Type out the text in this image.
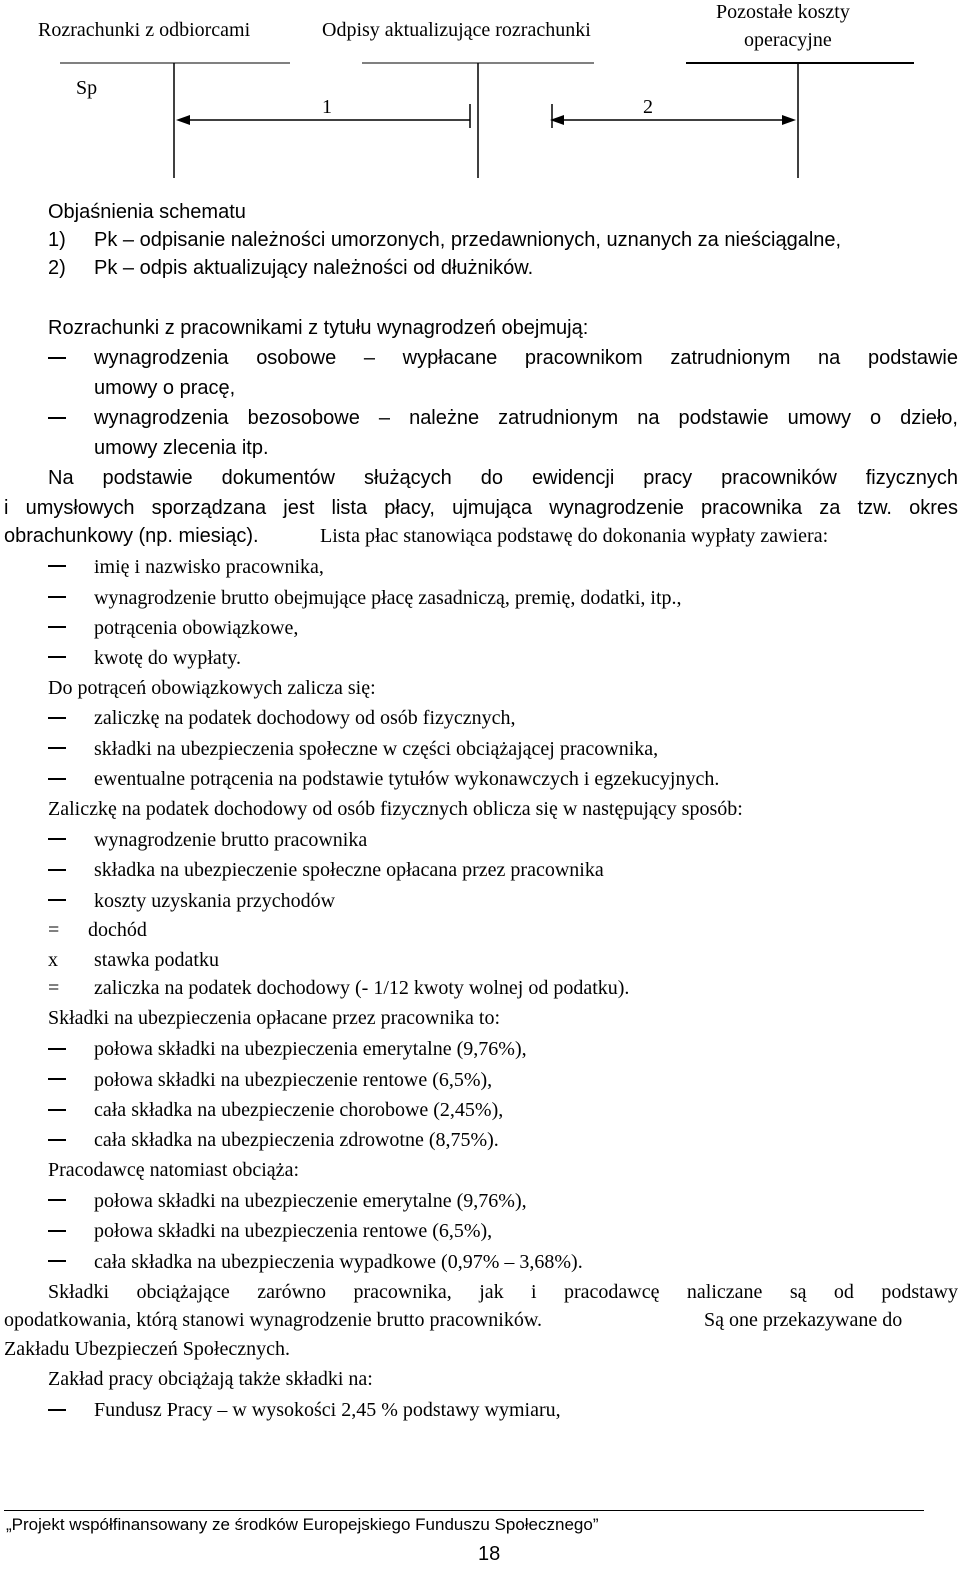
Rozrachunki z odbiorcami	Odpisy aktualizujące rozrachunki
Pozostałe koszty
operacyjne
Sp
1	2
Objaśnienia schematu
1) Pk – odpisanie należności umorzonych, przedawnionych, uznanych za nieściągalne,
2) Pk – odpis aktualizujący należności od dłużników.
Rozrachunki z pracownikami z tytułu wynagrodzeń obejmują:
wynagrodzenia osobowe – wypłacane pracownikom zatrudnionym na podstawie
umowy o pracę,
wynagrodzenia bezosobowe – należne zatrudnionym na podstawie umowy o dzieło,
umowy zlecenia itp.
Na podstawie dokumentów służących do ewidencji pracy pracowników fizycznych
i umysłowych sporządzana jest lista płacy, ujmująca wynagrodzenie pracownika za tzw. okres
obrachunkowy (np. miesiąc).	Lista płac stanowiąca podstawę do dokonania wypłaty zawiera:
imię i nazwisko pracownika,
wynagrodzenie brutto obejmujące płacę zasadniczą, premię, dodatki, itp.,
potrącenia obowiązkowe,
kwotę do wypłaty.
Do potrąceń obowiązkowych zalicza się:
zaliczkę na podatek dochodowy od osób fizycznych,
składki na ubezpieczenia społeczne w części obciążającej pracownika,
ewentualne potrącenia na podstawie tytułów wykonawczych i egzekucyjnych.
Zaliczkę na podatek dochodowy od osób fizycznych oblicza się w następujący sposób:
wynagrodzenie brutto pracownika
składka na ubezpieczenie społeczne opłacana przez pracownika
koszty uzyskania przychodów
= dochód
x stawka podatku
= zaliczka na podatek dochodowy (- 1/12 kwoty wolnej od podatku).
Składki na ubezpieczenia opłacane przez pracownika to:
połowa składki na ubezpieczenia emerytalne (9,76%),
połowa składki na ubezpieczenie rentowe (6,5%),
cała składka na ubezpieczenie chorobowe (2,45%),
cała składka na ubezpieczenia zdrowotne (8,75%).
Pracodawcę natomiast obciąża:
połowa składki na ubezpieczenie emerytalne (9,76%),
połowa składki na ubezpieczenia rentowe (6,5%),
cała składka na ubezpieczenia wypadkowe (0,97% – 3,68%).
Składki obciążające zarówno pracownika, jak i pracodawcę naliczane są od podstawy
opodatkowania, którą stanowi wynagrodzenie brutto pracowników.	Są one przekazywane do
Zakładu Ubezpieczeń Społecznych.
Zakład pracy obciążają także składki na:
Fundusz Pracy – w wysokości 2,45 % podstawy wymiaru,
„Projekt współfinansowany ze środków Europejskiego Funduszu Społecznego”
18
